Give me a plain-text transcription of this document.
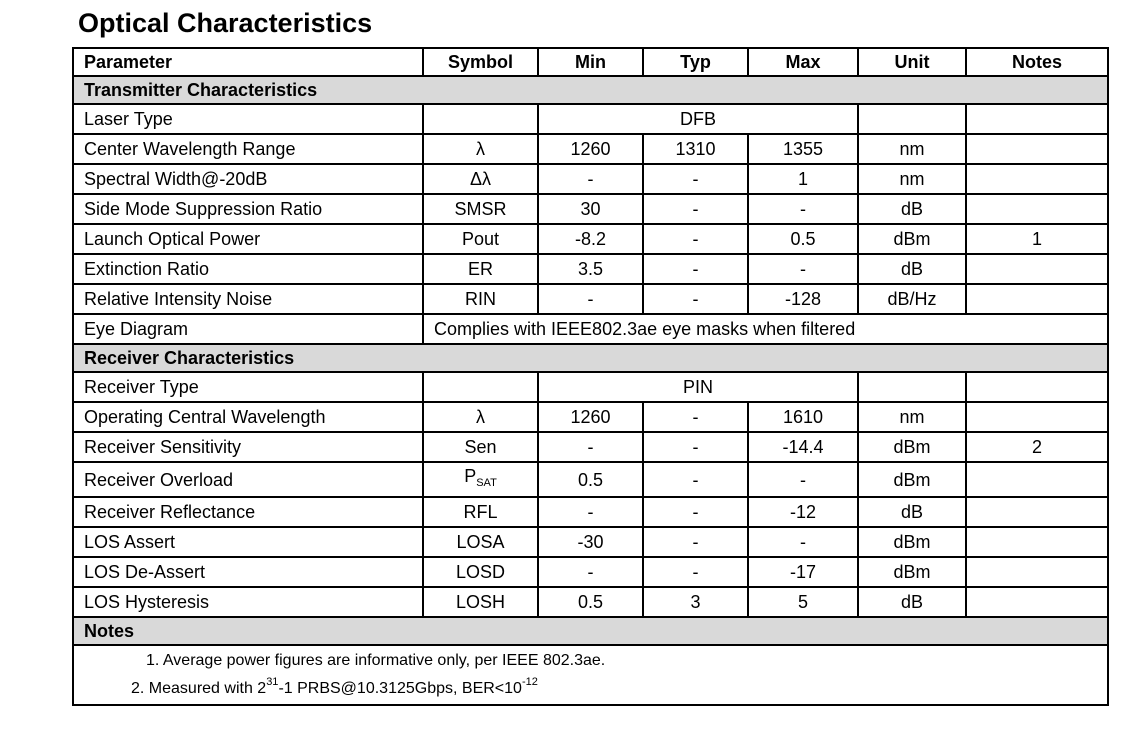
Optical Characteristics
Parameter	Symbol	Min	Typ	Max	Unit	Notes
Transmitter Characteristics						
Laser Type		DFB				
Center Wavelength Range	λ	1260	1310	1355	nm	
Spectral Width@-20dB	Δλ	-	-	1	nm	
Side Mode Suppression Ratio	SMSR	30	-	-	dB	
Launch Optical Power	Pout	-8.2	-	0.5	dBm	1
Extinction Ratio	ER	3.5	-	-	dB	
Relative Intensity Noise	RIN	-	-	-128	dB/Hz	
Eye Diagram	Complies with IEEE802.3ae eye masks when filtered					
Receiver Characteristics						
Receiver Type		PIN				
Operating Central Wavelength	λ	1260	-	1610	nm	
Receiver Sensitivity	Sen	-	-	-14.4	dBm	2
Receiver Overload	$P_{SAT}$	0.5	-	-	dBm	
Receiver Reflectance	RFL	-	-	-12	dB	
LOS Assert	LOSA	-30	-	-	dBm	
LOS De-Assert	LOSD	-	-	-17	dBm	
LOS Hysteresis	LOSH	0.5	3	5	dB	
Notes						

1. Average power figures are informative only, per IEEE 802.3ae.
2. Measured with $2^{31}-1$ PRBS@10.3125Gbps, $BER<10^{-12}$
